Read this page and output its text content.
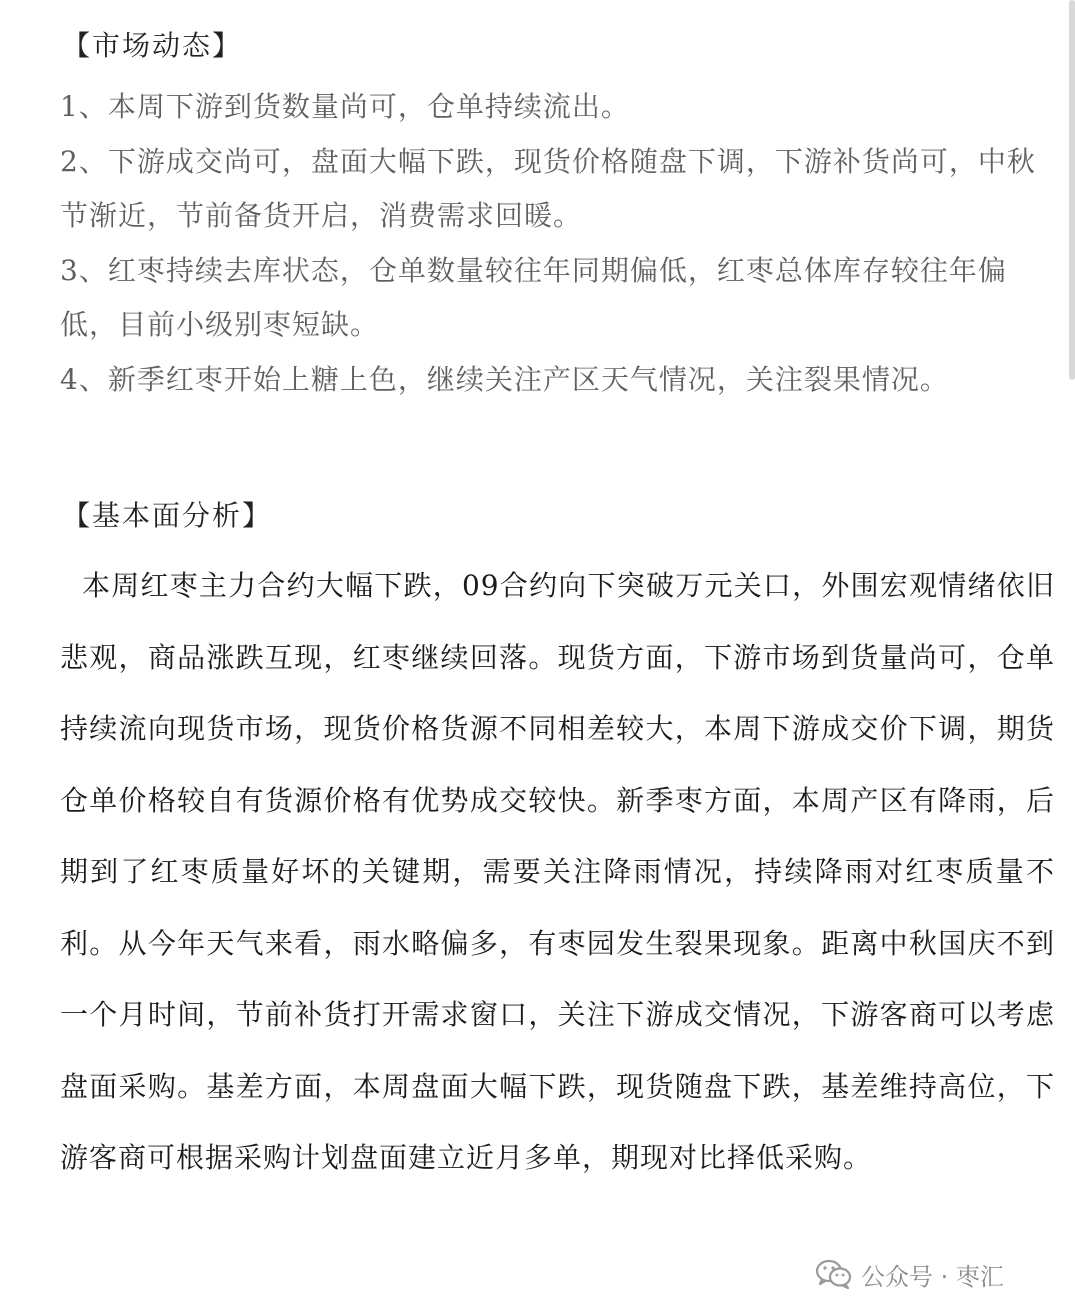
【市场动态】

1、本周下游到货数量尚可，仓单持续流出。

2、下游成交尚可，盘面大幅下跌，现货价格随盘下调，下游补货尚可，中秋节渐近，节前备货开启，消费需求回暖。

3、红枣持续去库状态，仓单数量较往年同期偏低，红枣总体库存较往年偏低，目前小级别枣短缺。

4、新季红枣开始上糖上色，继续关注产区天气情况，关注裂果情况。

【基本面分析】

本周红枣主力合约大幅下跌，09合约向下突破万元关口，外围宏观情绪依旧悲观，商品涨跌互现，红枣继续回落。现货方面，下游市场到货量尚可，仓单持续流向现货市场，现货价格货源不同相差较大，本周下游成交价下调，期货仓单价格较自有货源价格有优势成交较快。新季枣方面，本周产区有降雨，后期到了红枣质量好坏的关键期，需要关注降雨情况，持续降雨对红枣质量不利。从今年天气来看，雨水略偏多，有枣园发生裂果现象。距离中秋国庆不到一个月时间，节前补货打开需求窗口，关注下游成交情况，下游客商可以考虑盘面采购。基差方面，本周盘面大幅下跌，现货随盘下跌，基差维持高位，下游客商可根据采购计划盘面建立近月多单，期现对比择低采购。

公众号 · 枣汇
